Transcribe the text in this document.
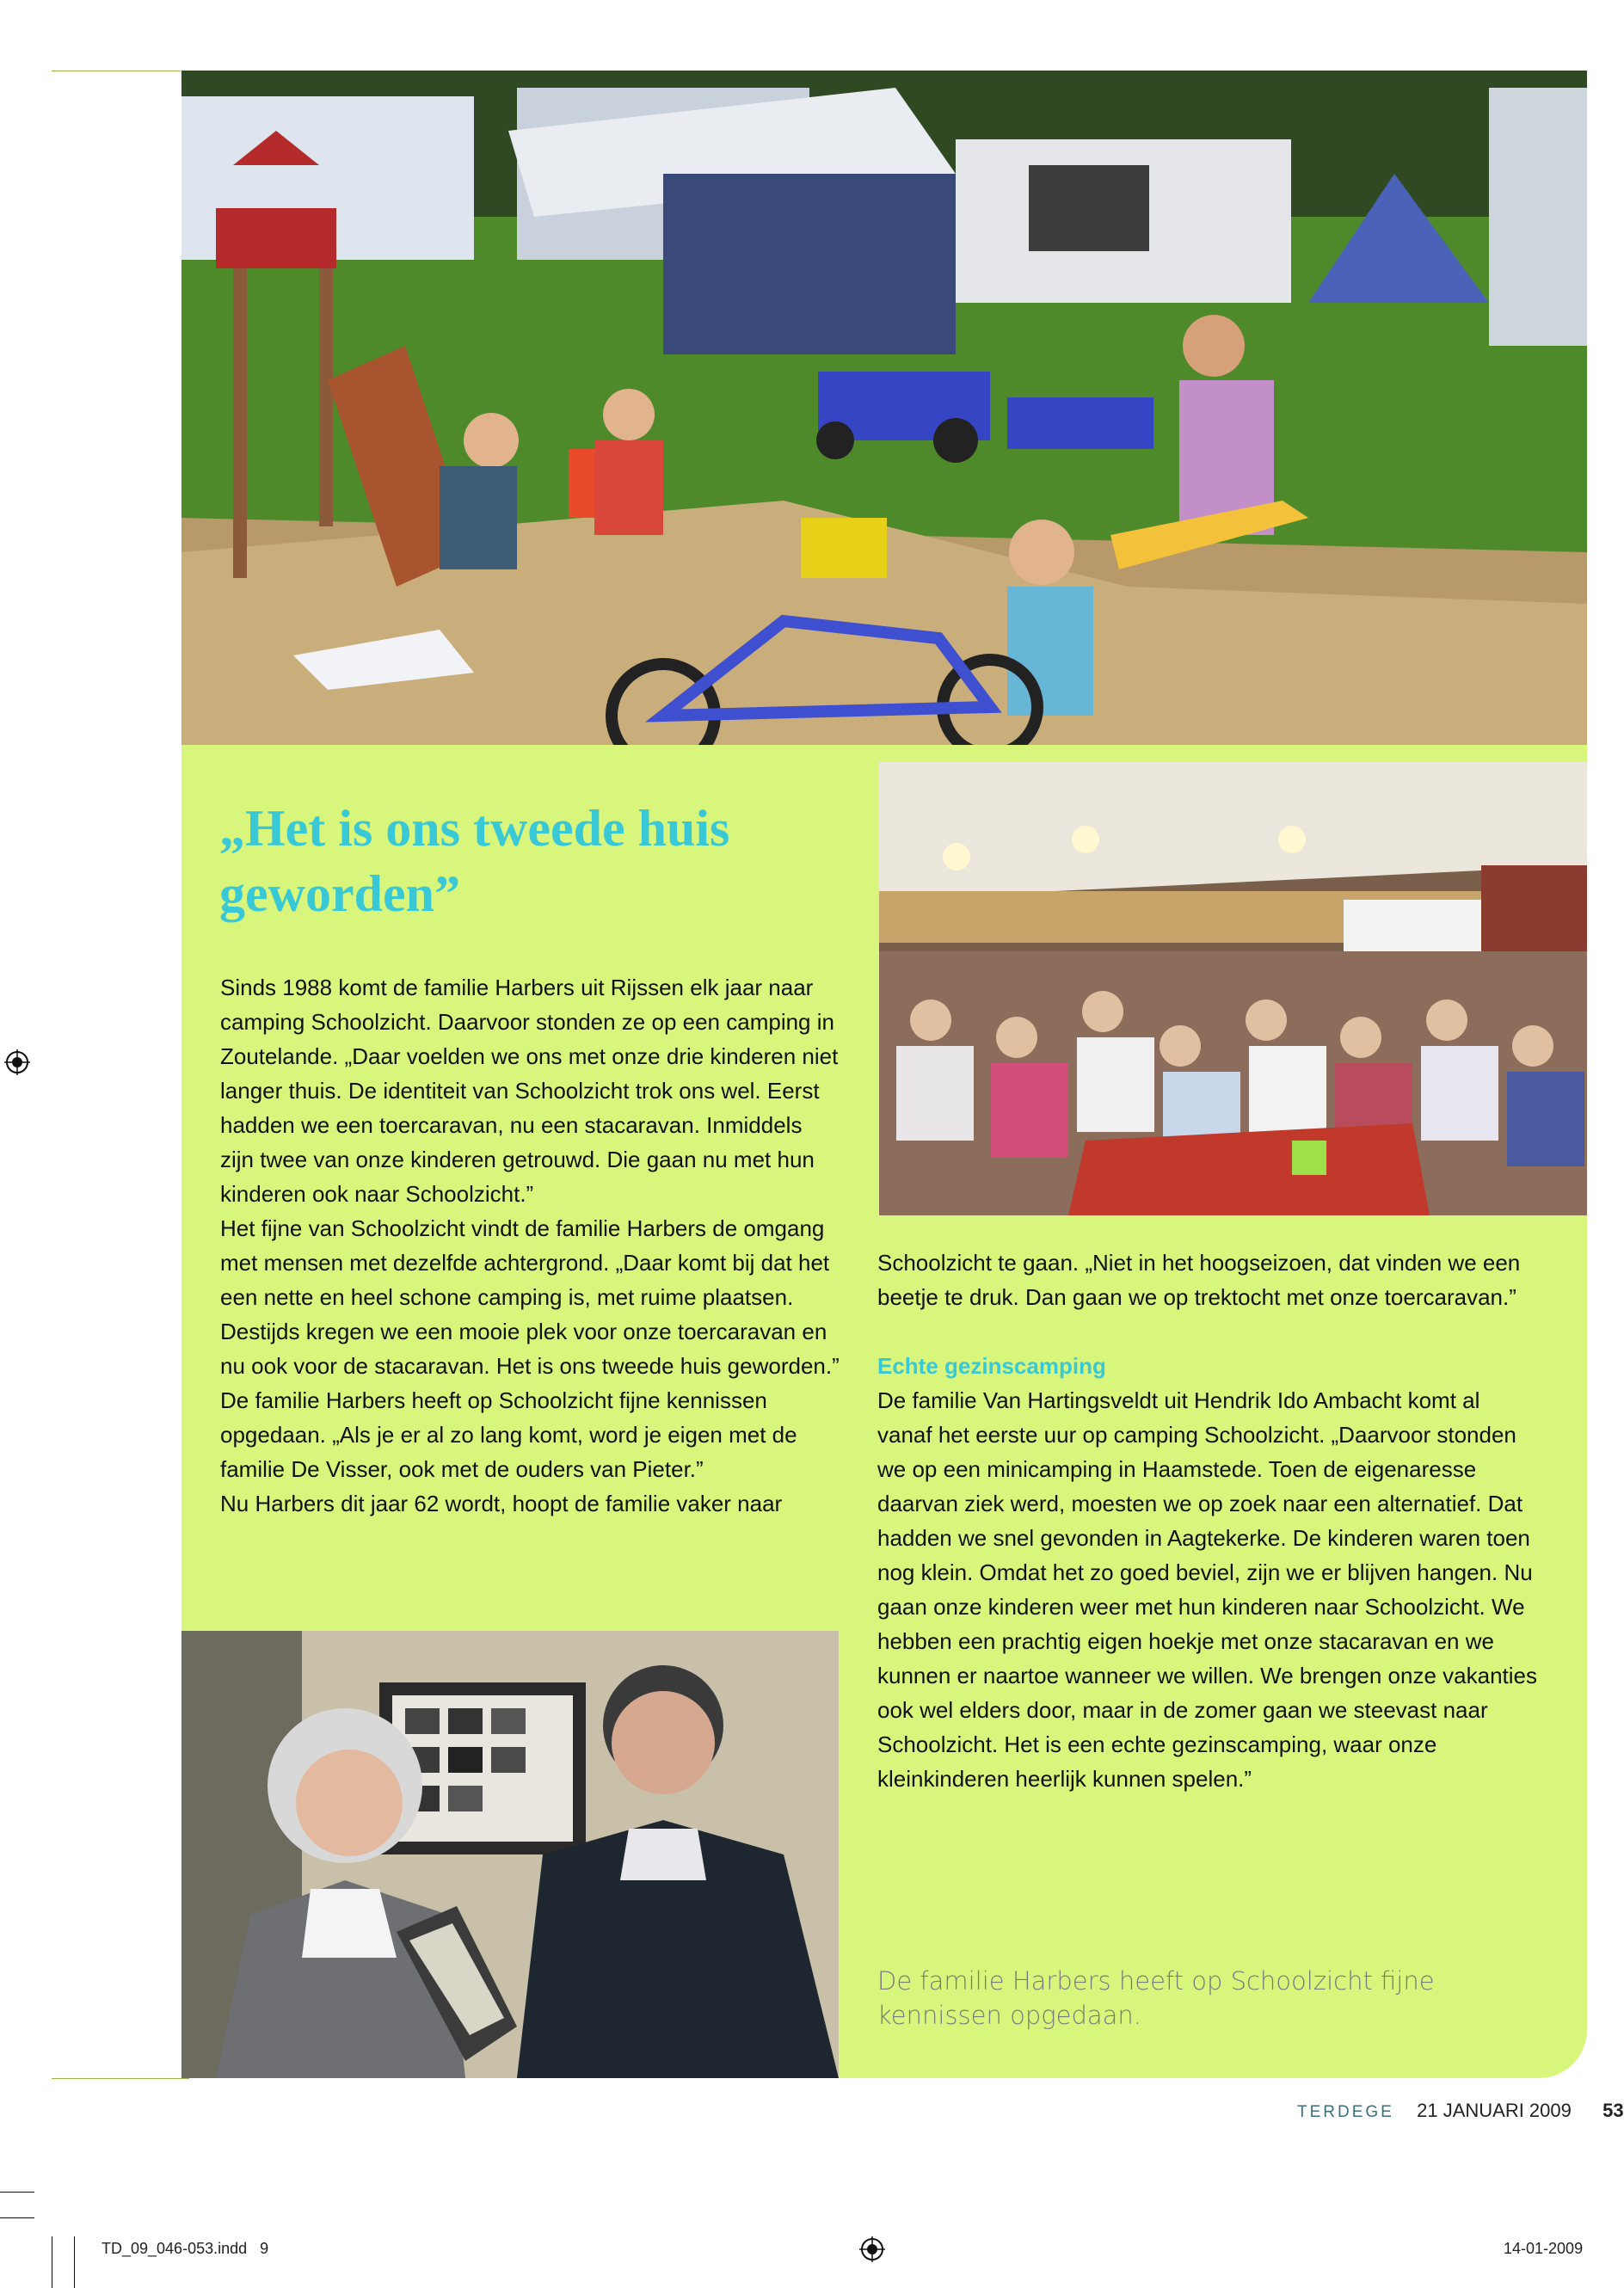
„Het is ons tweede huis geworden”

Sinds 1988 komt de familie Harbers uit Rijssen elk jaar naar camping Schoolzicht. Daarvoor stonden ze op een camping in Zoutelande. „Daar voelden we ons met onze drie kinderen niet langer thuis. De identiteit van Schoolzicht trok ons wel. Eerst hadden we een toercaravan, nu een stacaravan. Inmiddels zijn twee van onze kinderen getrouwd. Die gaan nu met hun kinderen ook naar Schoolzicht.”

Het fijne van Schoolzicht vindt de familie Harbers de omgang met mensen met dezelfde achtergrond. „Daar komt bij dat het een nette en heel schone camping is, met ruime plaatsen. Destijds kregen we een mooie plek voor onze toercaravan en nu ook voor de stacaravan. Het is ons tweede huis geworden.”

De familie Harbers heeft op Schoolzicht fijne kennissen opgedaan. „Als je er al zo lang komt, word je eigen met de familie De Visser, ook met de ouders van Pieter.”

Nu Harbers dit jaar 62 wordt, hoopt de familie vaker naar

Schoolzicht te gaan. „Niet in het hoogseizoen, dat vinden we een beetje te druk. Dan gaan we op trektocht met onze toercaravan.”

Echte gezinscamping

De familie Van Hartingsveldt uit Hendrik Ido Ambacht komt al vanaf het eerste uur op camping Schoolzicht. „Daarvoor stonden we op een minicamping in Haamstede. Toen de eigenaresse daarvan ziek werd, moesten we op zoek naar een alternatief. Dat hadden we snel gevonden in Aagtekerke. De kinderen waren toen nog klein. Omdat het zo goed beviel, zijn we er blijven hangen. Nu gaan onze kinderen weer met hun kinderen naar Schoolzicht. We hebben een prachtig eigen hoekje met onze stacaravan en we kunnen er naartoe wanneer we willen. We brengen onze vakanties ook wel elders door, maar in de zomer gaan we steevast naar Schoolzicht. Het is een echte gezinscamping, waar onze kleinkinderen heerlijk kunnen spelen.”

De familie Harbers heeft op Schoolzicht fijne kennissen opgedaan.
TERDEGE 21 JANUARI 2009 53
TD_09_046-053.indd   9	14-01-2009
